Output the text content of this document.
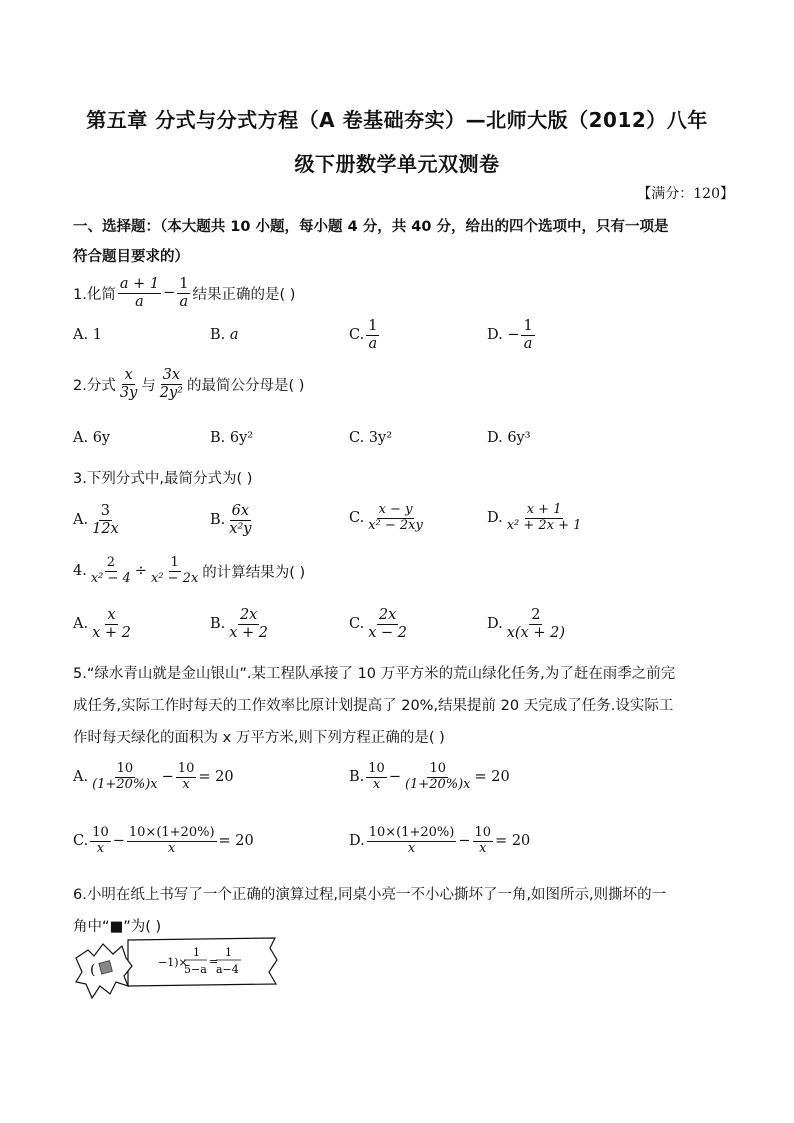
第五章 分式与分式方程（A 卷基础夯实）—北师大版（2012）八年
级下册数学单元双测卷
【满分：120】
一、选择题：（本大题共 10 小题，每小题 4 分，共 40 分，给出的四个选项中，只有一项是
符合题目要求的）
1.化简 $\frac{a + 1}{a} - \frac{1}{a}$ 结果正确的是( )
A. 1	B.
a	C. $\frac{1}{a}$	D. − $\frac{1}{a}$
2.分式 $\frac{x}{3y}$ 与 $\frac{3x}{\text{2y²}}$ 的最简公分母是( )
A. 6y	B. 6y²	C. 3y²	D. 6y³
3.下列分式中,最简分式为( )
A. $\frac{3}{12x}$	B. $\frac{6x}{\text{x²y}}$	C. $\frac{x - y}{\text{x² − 2xy}}$	D. $\frac{x + 1}{\text{x² + 2x + 1}}$
4. $\frac{2}{\text{x² − 4}} \div \frac{1}{\text{x² − 2x}}$ 的计算结果为( )
A. $\frac{x}{x + 2}$	B. $\frac{2x}{x + 2}$	C. $\frac{2x}{x - 2}$	D. $\frac{2}{x(x + 2)}$
5.“绿水青山就是金山银山”.某工程队承接了 10 万平方米的荒山绿化任务,为了赶在雨季之前完
成任务,实际工作时每天的工作效率比原计划提高了 20%,结果提前 20 天完成了任务.设实际工
作时每天绿化的面积为 x 万平方米,则下列方程正确的是( )
A. $\frac{10}{(1+20\%)x} - \frac{10}{x} = 20$	B. $\frac{10}{x} - \frac{10}{(1+20\%)x} = 20$
C. $\frac{10}{x} - \frac{10\times(1+20\%)}{x} = 20$	D. $\frac{10\times(1+20\%)}{x} - \frac{10}{x} = 20$
6.小明在纸上书写了一个正确的演算过程,同桌小亮一不小心撕坏了一角,如图所示,则撕坏的一
角中“■”为( )
(	−1)×
1
5−a
=
1
a−4
